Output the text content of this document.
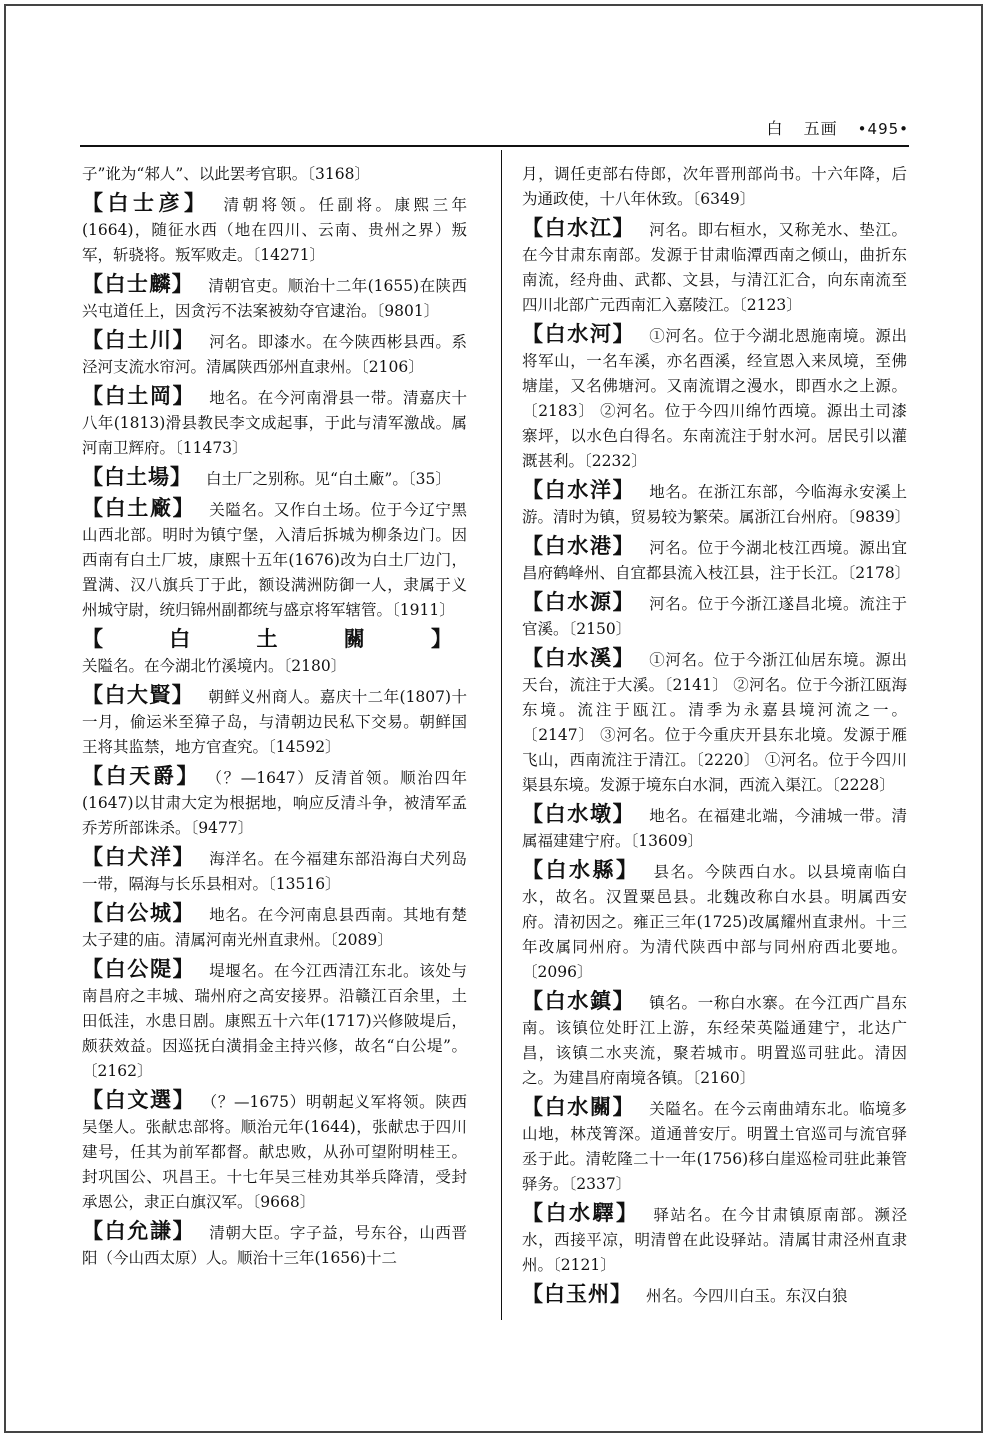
白 五画 •495•
子”讹为“邾人”、以此罢考官职。〔3168〕
【白士彦】 清朝将领。任副将。康熙三年(1664)，随征水西（地在四川、云南、贵州之界）叛军，斩骁将。叛军败走。〔14271〕
【白士麟】 清朝官吏。顺治十二年(1655)在陕西兴屯道任上，因贪污不法案被劾夺官逮治。〔9801〕
【白土川】 河名。即漆水。在今陕西彬县西。系泾河支流水帘河。清属陕西邠州直隶州。〔2106〕
【白土岡】 地名。在今河南滑县一带。清嘉庆十八年(1813)滑县教民李文成起事，于此与清军激战。属河南卫辉府。〔11473〕
【白土場】 白土厂之别称。见“白土廠”。〔35〕
【白土廠】 关隘名。又作白土场。位于今辽宁黑山西北部。明时为镇宁堡，入清后拆城为柳条边门。因西南有白土厂坡，康熙十五年(1676)改为白土厂边门，置满、汉八旗兵丁于此，额设满洲防御一人，隶属于义州城守尉，统归锦州副都统与盛京将军辖管。〔1911〕
【白土關】关隘名。在今湖北竹溪境内。〔2180〕
【白大賢】 朝鲜义州商人。嘉庆十二年(1807)十一月，偷运米至獐子岛，与清朝边民私下交易。朝鲜国王将其监禁，地方官查究。〔14592〕
【白天爵】 （？—1647）反清首领。顺治四年(1647)以甘肃大定为根据地，响应反清斗争，被清军孟乔芳所部诛杀。〔9477〕
【白犬洋】 海洋名。在今福建东部沿海白犬列岛一带，隔海与长乐县相对。〔13516〕
【白公城】 地名。在今河南息县西南。其地有楚太子建的庙。清属河南光州直隶州。〔2089〕
【白公隄】 堤堰名。在今江西清江东北。该处与南昌府之丰城、瑞州府之高安接界。沿赣江百余里，土田低洼，水患日剧。康熙五十六年(1717)兴修陂堤后，颇获效益。因巡抚白潢捐金主持兴修，故名“白公堤”。〔2162〕
【白文選】 （？—1675）明朝起义军将领。陕西吴堡人。张献忠部将。顺治元年(1644)，张献忠于四川建号，任其为前军都督。献忠败，从孙可望附明桂王。封巩国公、巩昌王。十七年吴三桂劝其举兵降清，受封承恩公，隶正白旗汉军。〔9668〕
【白允謙】 清朝大臣。字子益，号东谷，山西晋阳（今山西太原）人。顺治十三年(1656)十二
月，调任吏部右侍郎，次年晋刑部尚书。十六年降，后为通政使，十八年休致。〔6349〕
【白水江】 河名。即右桓水，又称羌水、垫江。在今甘肃东南部。发源于甘肃临潭西南之倾山，曲折东南流，经舟曲、武都、文县，与清江汇合，向东南流至四川北部广元西南汇入嘉陵江。〔2123〕
【白水河】 ①河名。位于今湖北恩施南境。源出将军山，一名车溪，亦名酉溪，经宣恩入来凤境，至佛塘崖，又名佛塘河。又南流谓之漫水，即酉水之上源。〔2183〕 ②河名。位于今四川绵竹西境。源出土司漆寨坪，以水色白得名。东南流注于射水河。居民引以灌溉甚利。〔2232〕
【白水洋】 地名。在浙江东部，今临海永安溪上游。清时为镇，贸易较为繁荣。属浙江台州府。〔9839〕
【白水港】 河名。位于今湖北枝江西境。源出宜昌府鹤峰州、自宜都县流入枝江县，注于长江。〔2178〕
【白水源】 河名。位于今浙江遂昌北境。流注于官溪。〔2150〕
【白水溪】 ①河名。位于今浙江仙居东境。源出天台，流注于大溪。〔2141〕 ②河名。位于今浙江瓯海东境。流注于瓯江。清季为永嘉县境河流之一。〔2147〕 ③河名。位于今重庆开县东北境。发源于雁飞山，西南流注于清江。〔2220〕 ①河名。位于今四川渠县东境。发源于境东白水洞，西流入渠江。〔2228〕
【白水墩】 地名。在福建北端，今浦城一带。清属福建建宁府。〔13609〕
【白水縣】 县名。今陕西白水。以县境南临白水，故名。汉置粟邑县。北魏改称白水县。明属西安府。清初因之。雍正三年(1725)改属耀州直隶州。十三年改属同州府。为清代陕西中部与同州府西北要地。〔2096〕
【白水鎮】 镇名。一称白水寨。在今江西广昌东南。该镇位处盱江上游，东经荣英隘通建宁，北达广昌，该镇二水夹流，聚若城市。明置巡司驻此。清因之。为建昌府南境各镇。〔2160〕
【白水關】 关隘名。在今云南曲靖东北。临境多山地，林茂箐深。道通普安厅。明置土官巡司与流官驿丞于此。清乾隆二十一年(1756)移白崖巡检司驻此兼管驿务。〔2337〕
【白水驛】 驿站名。在今甘肃镇原南部。濒泾水，西接平凉，明清曾在此设驿站。清属甘肃泾州直隶州。〔2121〕
【白玉州】 州名。今四川白玉。东汉白狼
